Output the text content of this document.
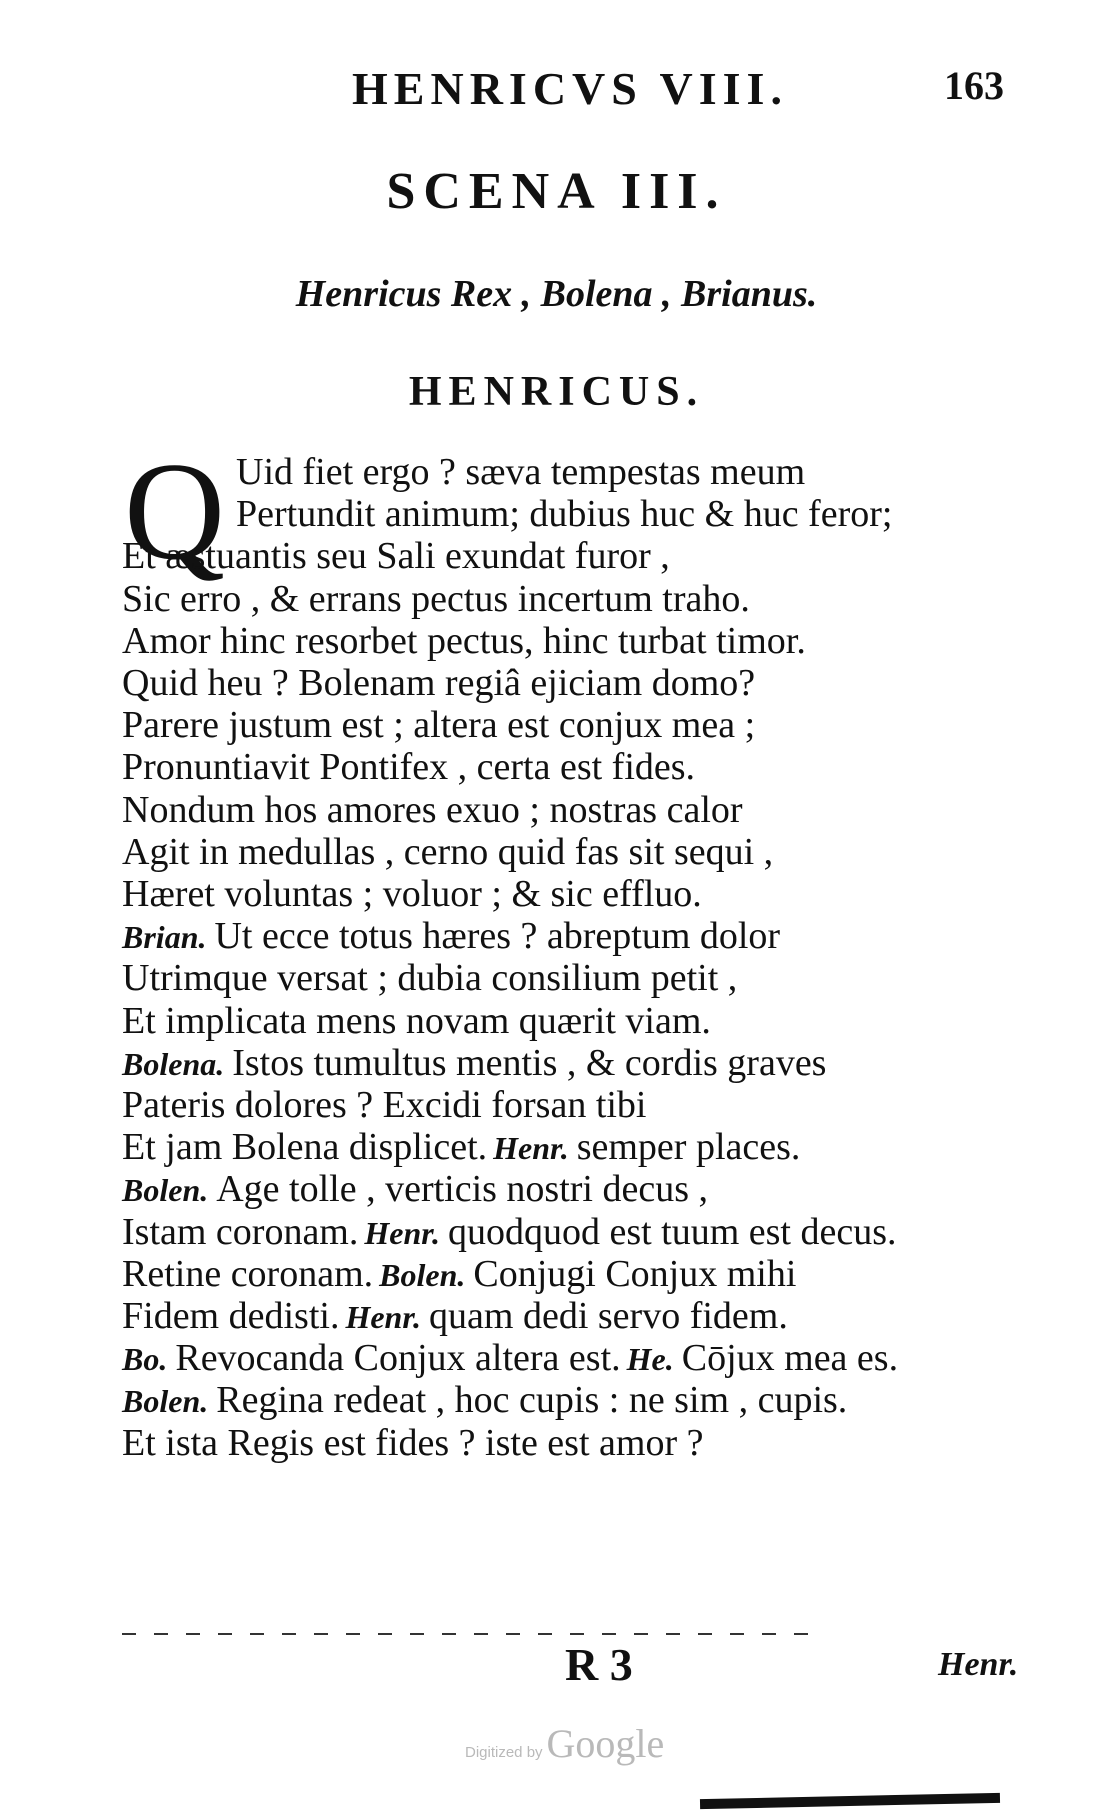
HENRICVS VIII.	163
SCENA III.
Henricus Rex , Bolena , Brianus.
HENRICUS.
Q Uid fiet ergo ? sæva tempestas meum
Pertundit animum; dubius huc & huc feror;
Et æstuantis seu Sali exundat furor ,
Sic erro , & errans pectus incertum traho.
Amor hinc resorbet pectus, hinc turbat timor.
Quid heu ? Bolenam regiâ ejiciam domo?
Parere justum est ; altera est conjux mea ;
Pronuntiavit Pontifex , certa est fides.
Nondum hos amores exuo ; nostras calor
Agit in medullas , cerno quid fas sit sequi ,
Hæret voluntas ; voluor ; & sic effluo.
Brian. Ut ecce totus hæres ? abreptum dolor
Utrimque versat ; dubia consilium petit ,
Et implicata mens novam quærit viam.
Bolena. Istos tumultus mentis , & cordis graves
Pateris dolores ? Excidi forsan tibi
Et jam Bolena displicet. Henr. semper places.
Bolen. Age tolle , verticis nostri decus ,
Istam coronam. Henr. quodquod est tuum est decus.
Retine coronam. Bolen. Conjugi Conjux mihi
Fidem dedisti. Henr. quam dedi servo fidem.
Bo. Revocanda Conjux altera est. He. Cōjux mea es.
Bolen. Regina redeat , hoc cupis : ne sim , cupis.
Et ista Regis est fides ? iste est amor ?
R 3	Henr.
Digitized by Google
